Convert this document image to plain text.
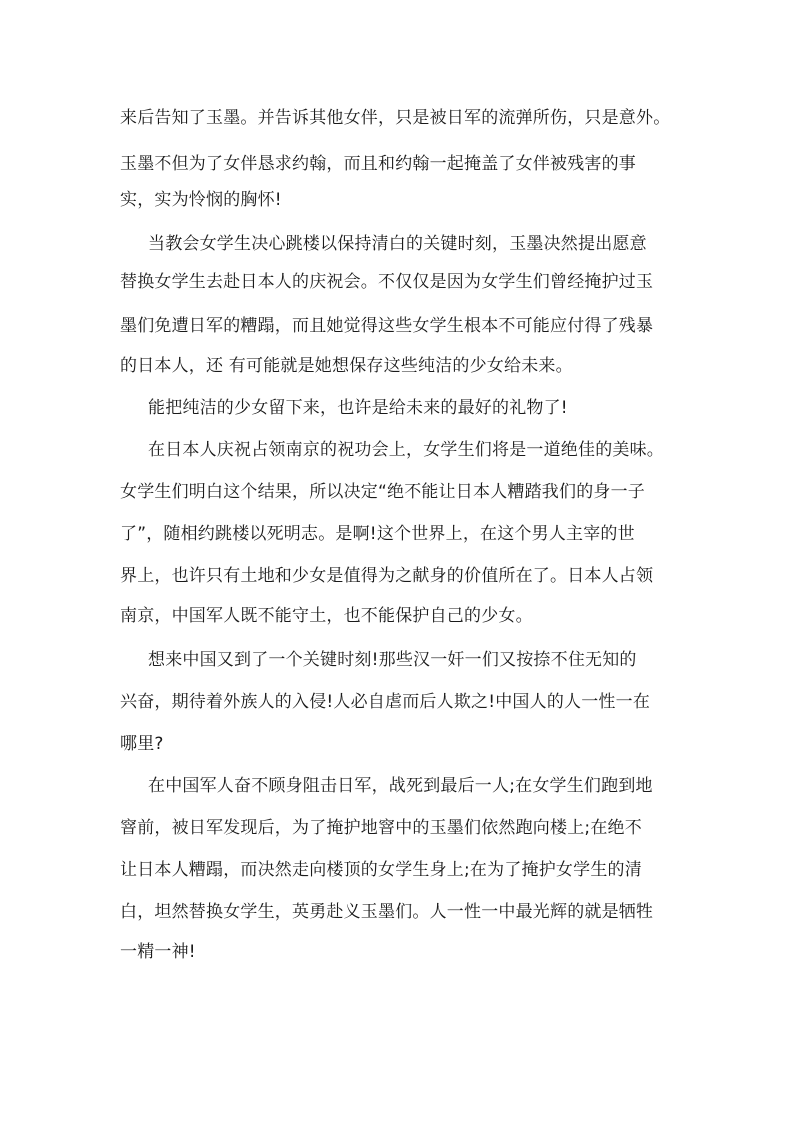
来后告知了玉墨。并告诉其他女伴，只是被日军的流弹所伤，只是意外。
玉墨不但为了女伴恳求约翰，而且和约翰一起掩盖了女伴被残害的事
实，实为怜悯的胸怀!
当教会女学生决心跳楼以保持清白的关键时刻，玉墨决然提出愿意
替换女学生去赴日本人的庆祝会。不仅仅是因为女学生们曾经掩护过玉
墨们免遭日军的糟蹋，而且她觉得这些女学生根本不可能应付得了残暴
的日本人，还 有可能就是她想保存这些纯洁的少女给未来。
能把纯洁的少女留下来，也许是给未来的最好的礼物了!
在日本人庆祝占领南京的祝功会上，女学生们将是一道绝佳的美味。
女学生们明白这个结果，所以决定“绝不能让日本人糟踏我们的身一子
了”，随相约跳楼以死明志。是啊!这个世界上，在这个男人主宰的世
界上，也许只有土地和少女是值得为之献身的价值所在了。日本人占领
南京，中国军人既不能守土，也不能保护自己的少女。
想来中国又到了一个关键时刻!那些汉一奸一们又按捺不住无知的
兴奋，期待着外族人的入侵!人必自虐而后人欺之!中国人的人一性一在
哪里?
在中国军人奋不顾身阻击日军，战死到最后一人;在女学生们跑到地
窨前，被日军发现后，为了掩护地窨中的玉墨们依然跑向楼上;在绝不
让日本人糟蹋，而决然走向楼顶的女学生身上;在为了掩护女学生的清
白，坦然替换女学生，英勇赴义玉墨们。人一性一中最光辉的就是牺牲
一精一神!
